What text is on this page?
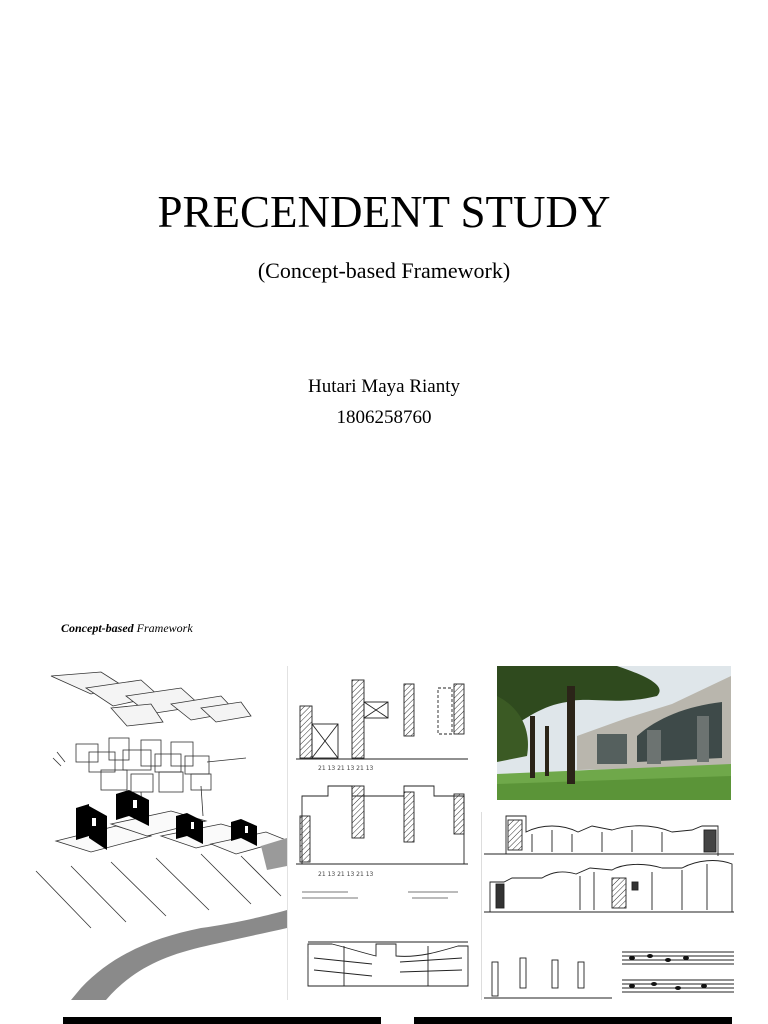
PRECENDENT STUDY
(Concept-based Framework)
Hutari Maya Rianty
1806258760
Concept-based Framework
21 13 21 13 21 13
21 13 21 13 21 13
